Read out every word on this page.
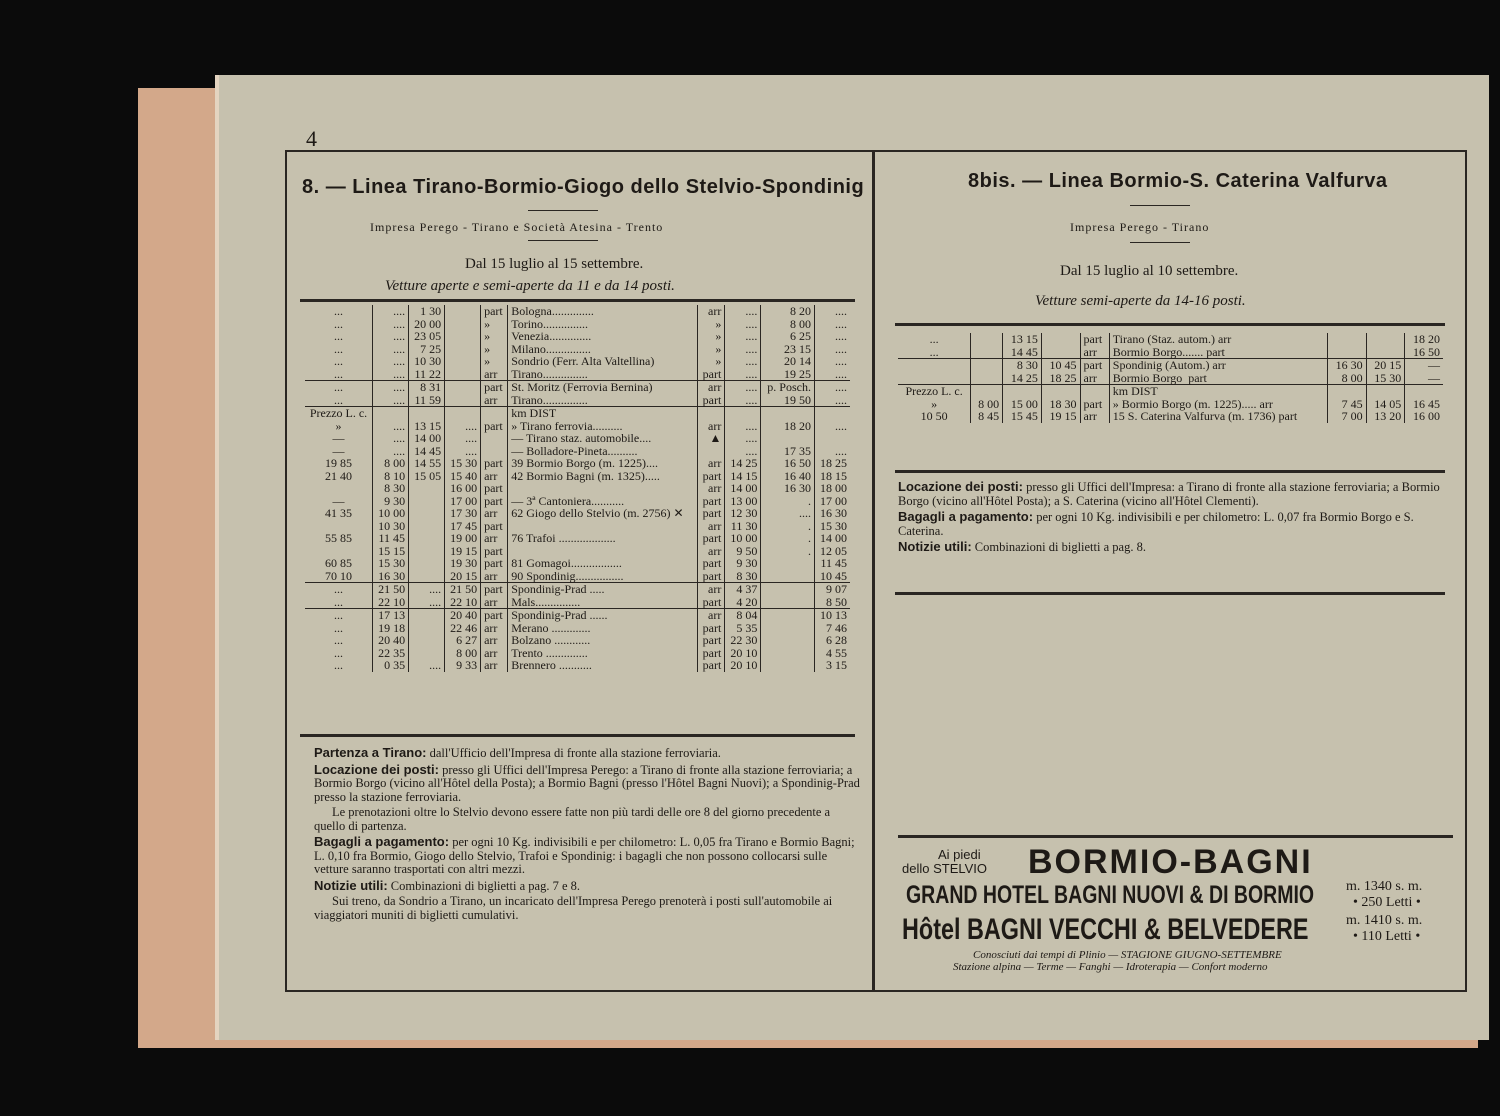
4
8. — Linea Tirano-Bormio-Giogo dello Stelvio-Spondinig
Impresa Perego - Tirano e Società Atesina - Trento
Dal 15 luglio al 15 settembre.
Vetture aperte e semi-aperte da 11 e da 14 posti.
...	....	1 30		part	Bologna..............	arr	....	8 20	....
...	....	20 00		»	Torino...............	»	....	8 00	....
...	....	23 05		»	Venezia..............	»	....	6 25	....
...	....	7 25		»	Milano...............	»	....	23 15	....
...	....	10 30		»	Sondrio (Ferr. Alta Valtellina)	»	....	20 14	....
...	....	11 22		arr	Tirano...............	part	....	19 25	....
...	....	8 31		part	St. Moritz (Ferrovia Bernina)	arr	....	p. Posch.	....
...	....	11 59		arr	Tirano...............	part	....	19 50	....
Prezzo L. c.					km DIST				
»	....	13 15	....	part	» Tirano ferrovia..........	arr	....	18 20	....
—	....	14 00	....		— Tirano staz. automobile....	▲	....		
—	....	14 45	....		— Bolladore-Pineta..........		....	17 35	....
19 85	8 00	14 55	15 30	part	39 Bormio Borgo (m. 1225)....	arr	14 25	16 50	18 25
21 40	8 10	15 05	15 40	arr	42 Bormio Bagni (m. 1325).....	part	14 15	16 40	18 15
	8 30		16 00	part		arr	14 00	16 30	18 00
—	9 30		17 00	part	— 3ª Cantoniera...........	part	13 00	.	17 00
41 35	10 00		17 30	arr	62 Giogo dello Stelvio (m. 2756) ✕	part	12 30	....	16 30
	10 30		17 45	part		arr	11 30	.	15 30
55 85	11 45		19 00	arr	76 Trafoi ...................	part	10 00	.	14 00
	15 15		19 15	part		arr	9 50	.	12 05
60 85	15 30		19 30	part	81 Gomagoi.................	part	9 30		11 45
70 10	16 30		20 15	arr	90 Spondinig................	part	8 30		10 45
...	21 50	....	21 50	part	Spondinig-Prad .....	arr	4 37		9 07
...	22 10	....	22 10	arr	Mals...............	part	4 20		8 50
...	17 13		20 40	part	Spondinig-Prad ......	arr	8 04		10 13
...	19 18		22 46	arr	Merano .............	part	5 35		7 46
...	20 40		6 27	arr	Bolzano ............	part	22 30		6 28
...	22 35		8 00	arr	Trento ..............	part	20 10		4 55
...	0 35	....	9 33	arr	Brennero ...........	part	20 10		3 15

Partenza a Tirano: dall'Ufficio dell'Impresa di fronte alla stazione ferroviaria.

Locazione dei posti: presso gli Uffici dell'Impresa Perego: a Tirano di fronte alla stazione ferroviaria; a Bormio Borgo (vicino all'Hôtel della Posta); a Bormio Bagni (presso l'Hôtel Bagni Nuovi); a Spondinig-Prad presso la stazione ferroviaria.

Le prenotazioni oltre lo Stelvio devono essere fatte non più tardi delle ore 8 del giorno precedente a quello di partenza.

Bagagli a pagamento: per ogni 10 Kg. indivisibili e per chilometro: L. 0,05 fra Tirano e Bormio Bagni; L. 0,10 fra Bormio, Giogo dello Stelvio, Trafoi e Spondinig: i bagagli che non possono collocarsi sulle vetture saranno trasportati con altri mezzi.

Notizie utili: Combinazioni di biglietti a pag. 7 e 8.

Sui treno, da Sondrio a Tirano, un incaricato dell'Impresa Perego prenoterà i posti sull'automobile ai viaggiatori muniti di biglietti cumulativi.

8bis. — Linea Bormio-S. Caterina Valfurva
Impresa Perego - Tirano
Dal 15 luglio al 10 settembre.
Vetture semi-aperte da 14-16 posti.
...		13 15		part	Tirano (Staz. autom.) arr			18 20
...		14 45		arr	Bormio Borgo....... part			16 50
		8 30	10 45	part	Spondinig (Autom.) arr	16 30	20 15	—
		14 25	18 25	arr	Bormio Borgo  part	8 00	15 30	—
Prezzo L. c.					km DIST			
»	8 00	15 00	18 30	part	» Bormio Borgo (m. 1225)..... arr	7 45	14 05	16 45
10 50	8 45	15 45	19 15	arr	15 S. Caterina Valfurva (m. 1736) part	7 00	13 20	16 00

Locazione dei posti: presso gli Uffici dell'Impresa: a Tirano di fronte alla stazione ferroviaria; a Bormio Borgo (vicino all'Hôtel Posta); a S. Caterina (vicino all'Hôtel Clementi).

Bagagli a pagamento: per ogni 10 Kg. indivisibili e per chilometro: L. 0,07 fra Bormio Borgo e S. Caterina.

Notizie utili: Combinazioni di biglietti a pag. 8.

Ai piedi
dello STELVIO BORMIO-BAGNI
GRAND HOTEL BAGNI NUOVI & DI BORMIO m. 1340 s. m.
• 250 Letti •
Hôtel BAGNI VECCHI & BELVEDERE	m. 1410 s. m.
• 110 Letti •
Conosciuti dai tempi di Plinio — STAGIONE GIUGNO-SETTEMBRE
Stazione alpina — Terme — Fanghi — Idroterapia — Confort moderno
